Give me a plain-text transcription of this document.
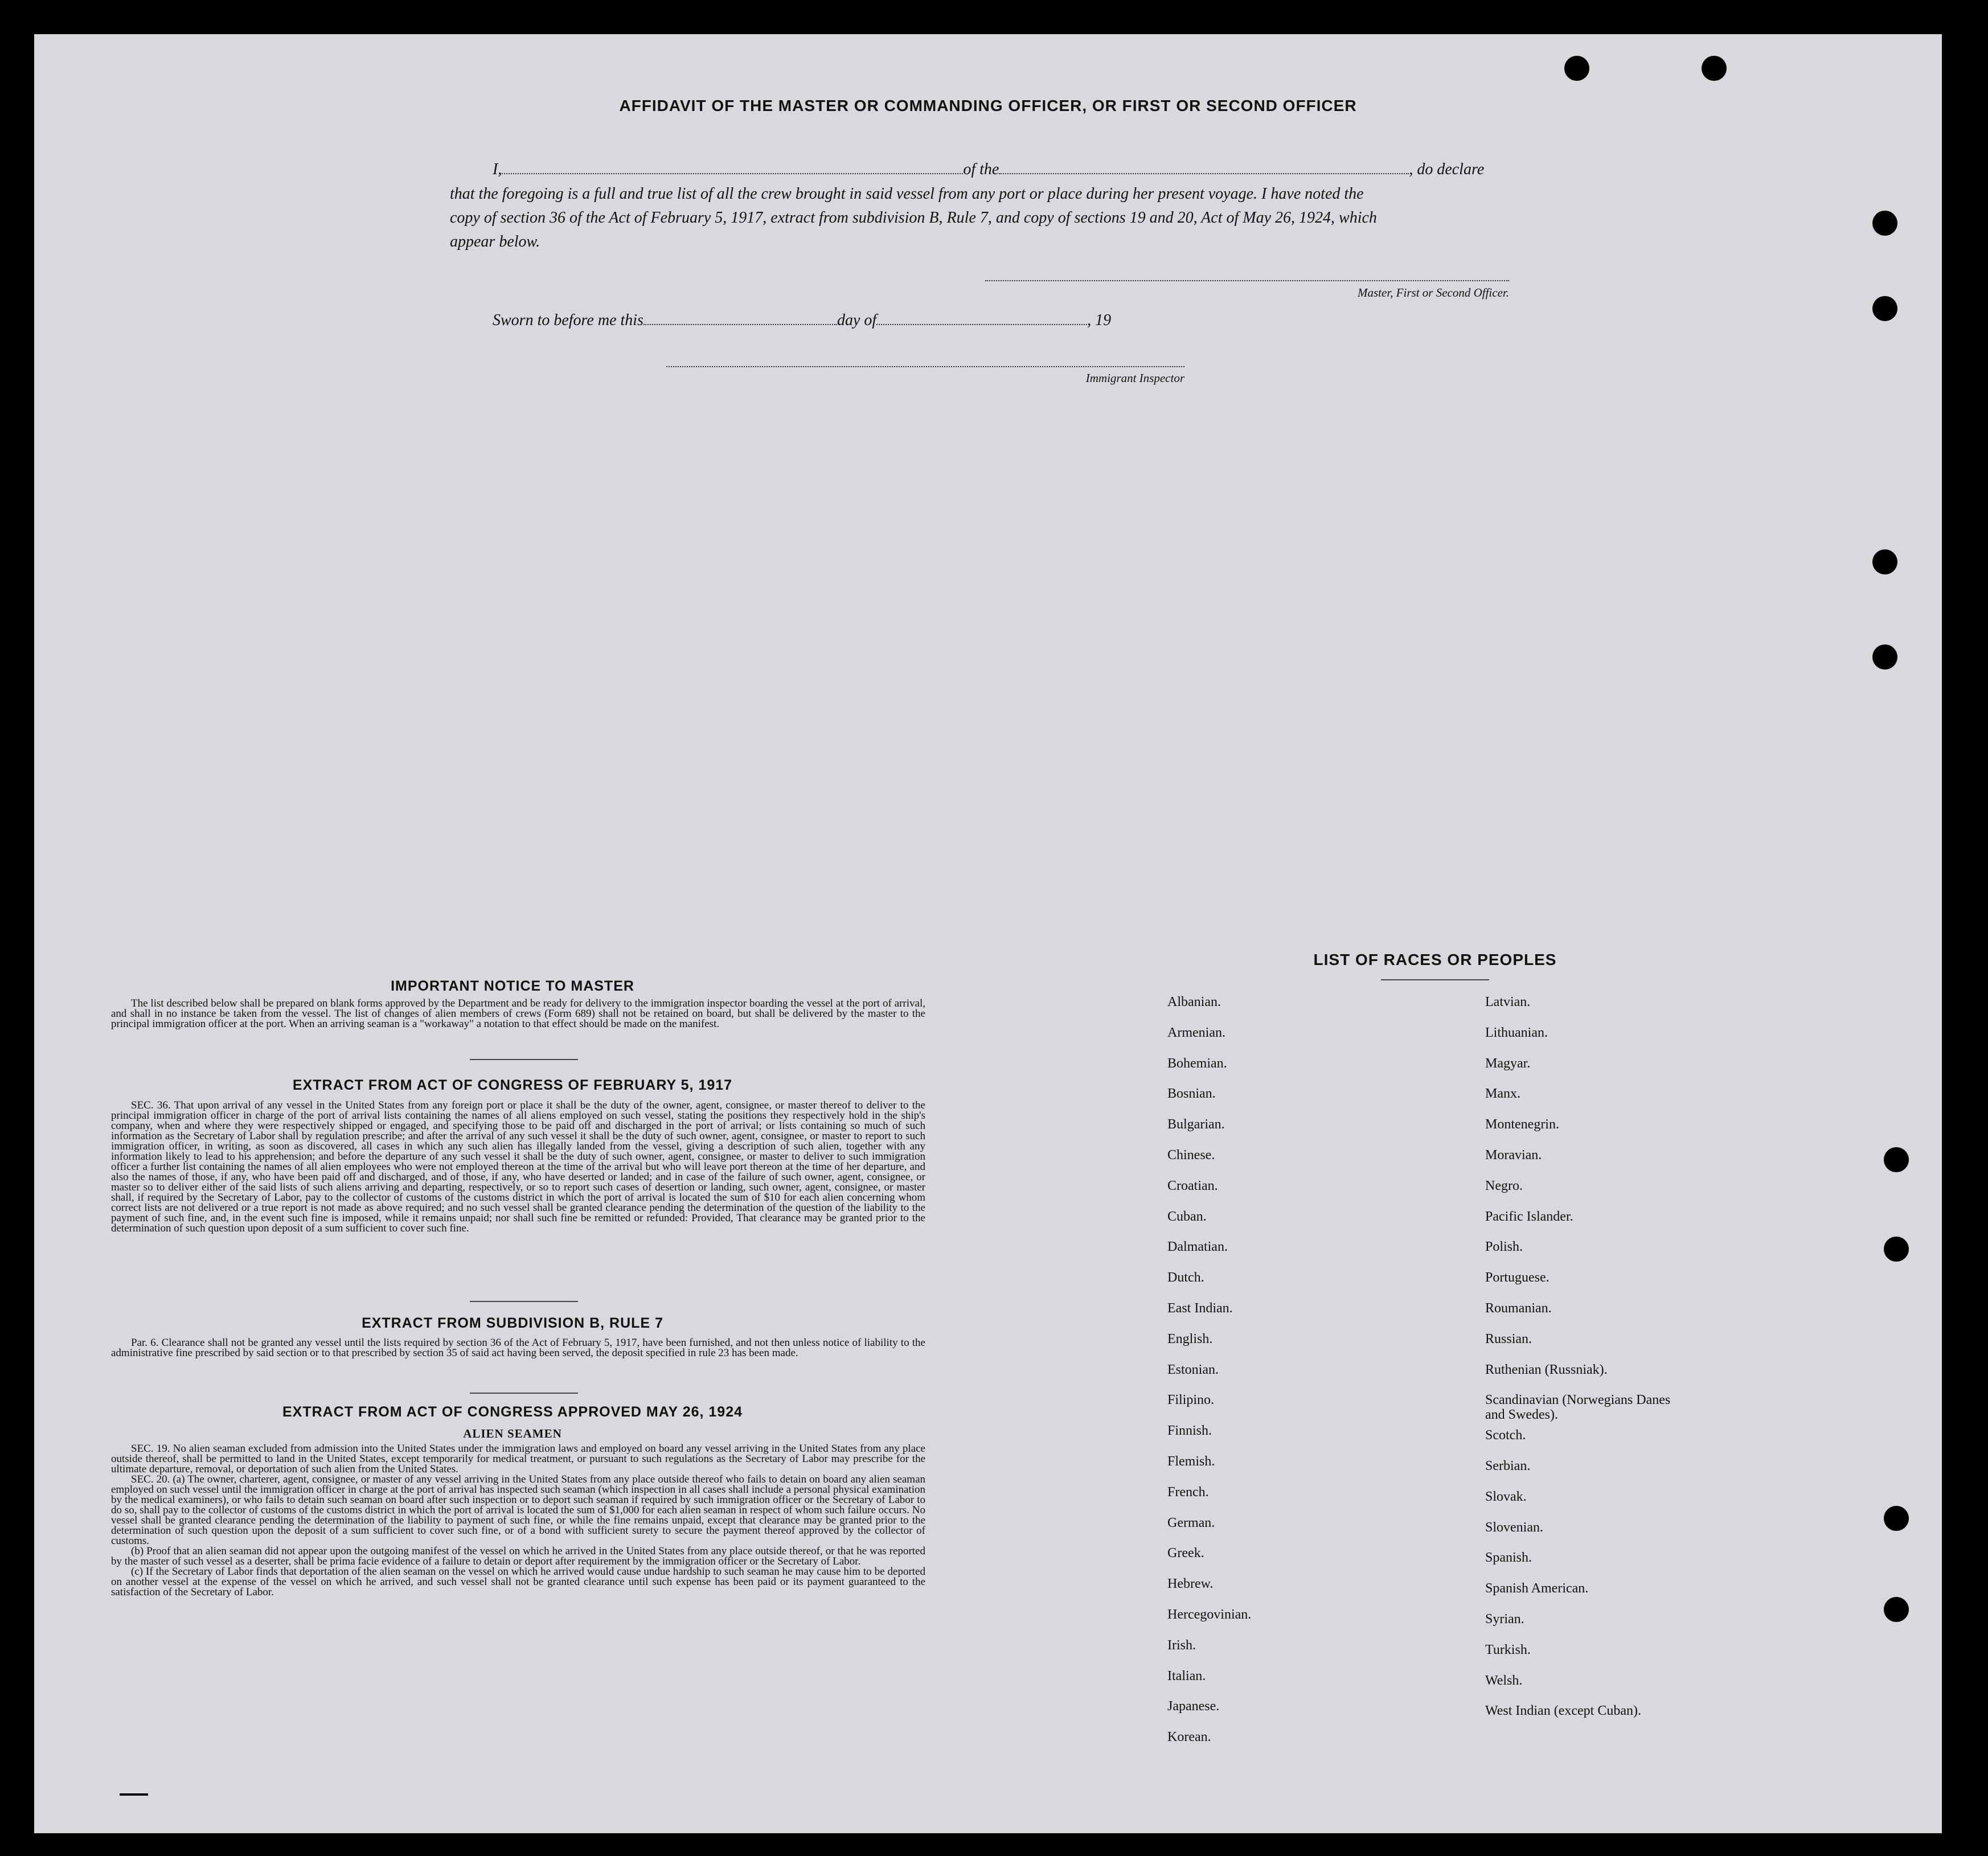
AFFIDAVIT OF THE MASTER OR COMMANDING OFFICER, OR FIRST OR SECOND OFFICER
I,	of the	, do declare
that the foregoing is a full and true list of all the crew brought in said vessel from any port or place during her present voyage. I have noted the
copy of section 36 of the Act of February 5, 1917, extract from subdivision B, Rule 7, and copy of sections 19 and 20, Act of May 26, 1924, which
appear below.
Master, First or Second Officer.
Sworn to before me this	day of	, 19
Immigrant Inspector
IMPORTANT NOTICE TO MASTER

The list described below shall be prepared on blank forms approved by the Department and be ready for delivery to the immigration inspector boarding the vessel at the port of arrival, and shall in no instance be taken from the vessel. The list of changes of alien members of crews (Form 689) shall not be retained on board, but shall be delivered by the master to the principal immigration officer at the port. When an arriving seaman is a "workaway" a notation to that effect should be made on the manifest.

EXTRACT FROM ACT OF CONGRESS OF FEBRUARY 5, 1917

SEC. 36. That upon arrival of any vessel in the United States from any foreign port or place it shall be the duty of the owner, agent, consignee, or master thereof to deliver to the principal immigration officer in charge of the port of arrival lists containing the names of all aliens employed on such vessel, stating the positions they respectively hold in the ship's company, when and where they were respectively shipped or engaged, and specifying those to be paid off and discharged in the port of arrival; or lists containing so much of such information as the Secretary of Labor shall by regulation prescribe; and after the arrival of any such vessel it shall be the duty of such owner, agent, consignee, or master to report to such immigration officer, in writing, as soon as discovered, all cases in which any such alien has illegally landed from the vessel, giving a description of such alien, together with any information likely to lead to his apprehension; and before the departure of any such vessel it shall be the duty of such owner, agent, consignee, or master to deliver to such immigration officer a further list containing the names of all alien employees who were not employed thereon at the time of the arrival but who will leave port thereon at the time of her departure, and also the names of those, if any, who have been paid off and discharged, and of those, if any, who have deserted or landed; and in case of the failure of such owner, agent, consignee, or master so to deliver either of the said lists of such aliens arriving and departing, respectively, or so to report such cases of desertion or landing, such owner, agent, consignee, or master shall, if required by the Secretary of Labor, pay to the collector of customs of the customs district in which the port of arrival is located the sum of $10 for each alien concerning whom correct lists are not delivered or a true report is not made as above required; and no such vessel shall be granted clearance pending the determination of the question of the liability to the payment of such fine, and, in the event such fine is imposed, while it remains unpaid; nor shall such fine be remitted or refunded: Provided, That clearance may be granted prior to the determination of such question upon deposit of a sum sufficient to cover such fine.

EXTRACT FROM SUBDIVISION B, RULE 7

Par. 6. Clearance shall not be granted any vessel until the lists required by section 36 of the Act of February 5, 1917, have been furnished, and not then unless notice of liability to the administrative fine prescribed by said section or to that prescribed by section 35 of said act having been served, the deposit specified in rule 23 has been made.

EXTRACT FROM ACT OF CONGRESS APPROVED MAY 26, 1924
ALIEN SEAMEN

SEC. 19. No alien seaman excluded from admission into the United States under the immigration laws and employed on board any vessel arriving in the United States from any place outside thereof, shall be permitted to land in the United States, except temporarily for medical treatment, or pursuant to such regulations as the Secretary of Labor may prescribe for the ultimate departure, removal, or deportation of such alien from the United States.

SEC. 20. (a) The owner, charterer, agent, consignee, or master of any vessel arriving in the United States from any place outside thereof who fails to detain on board any alien seaman employed on such vessel until the immigration officer in charge at the port of arrival has inspected such seaman (which inspection in all cases shall include a personal physical examination by the medical examiners), or who fails to detain such seaman on board after such inspection or to deport such seaman if required by such immigration officer or the Secretary of Labor to do so, shall pay to the collector of customs of the customs district in which the port of arrival is located the sum of $1,000 for each alien seaman in respect of whom such failure occurs. No vessel shall be granted clearance pending the determination of the liability to payment of such fine, or while the fine remains unpaid, except that clearance may be granted prior to the determination of such question upon the deposit of a sum sufficient to cover such fine, or of a bond with sufficient surety to secure the payment thereof approved by the collector of customs.

(b) Proof that an alien seaman did not appear upon the outgoing manifest of the vessel on which he arrived in the United States from any place outside thereof, or that he was reported by the master of such vessel as a deserter, shall be prima facie evidence of a failure to detain or deport after requirement by the immigration officer or the Secretary of Labor.

(c) If the Secretary of Labor finds that deportation of the alien seaman on the vessel on which he arrived would cause undue hardship to such seaman he may cause him to be deported on another vessel at the expense of the vessel on which he arrived, and such vessel shall not be granted clearance until such expense has been paid or its payment guaranteed to the satisfaction of the Secretary of Labor.

LIST OF RACES OR PEOPLES
Albanian.
Armenian.
Bohemian.
Bosnian.
Bulgarian.
Chinese.
Croatian.
Cuban.
Dalmatian.
Dutch.
East Indian.
English.
Estonian.
Filipino.
Finnish.
Flemish.
French.
German.
Greek.
Hebrew.
Hercegovinian.
Irish.
Italian.
Japanese.
Korean.
Latvian.
Lithuanian.
Magyar.
Manx.
Montenegrin.
Moravian.
Negro.
Pacific Islander.
Polish.
Portuguese.
Roumanian.
Russian.
Ruthenian (Russniak).
Scandinavian (Norwegians Danes and Swedes).
Scotch.
Serbian.
Slovak.
Slovenian.
Spanish.
Spanish American.
Syrian.
Turkish.
Welsh.
West Indian (except Cuban).
